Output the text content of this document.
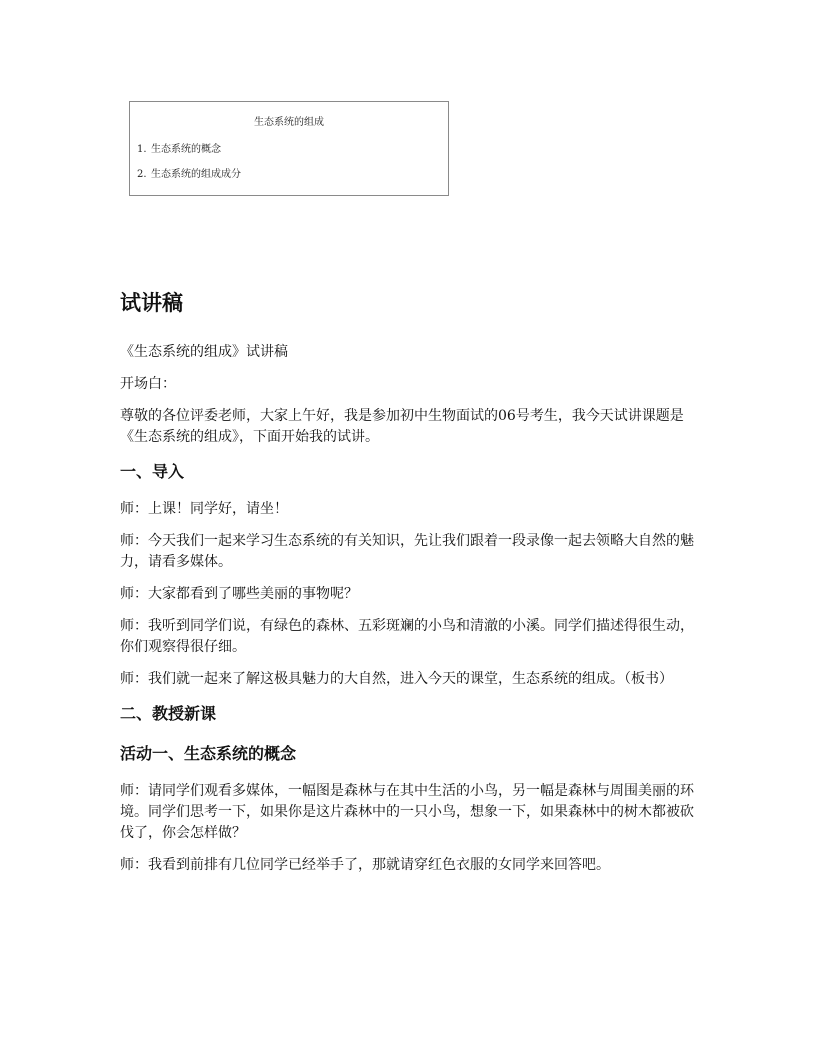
生态系统的组成
1. 生态系统的概念
2. 生态系统的组成成分
试讲稿

《生态系统的组成》试讲稿

开场白：

尊敬的各位评委老师，大家上午好，我是参加初中生物面试的06号考生，我今天试讲课题是《生态系统的组成》，下面开始我的试讲。

一、导入

师：上课！同学好，请坐！

师：今天我们一起来学习生态系统的有关知识，先让我们跟着一段录像一起去领略大自然的魅力，请看多媒体。

师：大家都看到了哪些美丽的事物呢？

师：我听到同学们说，有绿色的森林、五彩斑斓的小鸟和清澈的小溪。同学们描述得很生动，你们观察得很仔细。

师：我们就一起来了解这极具魅力的大自然，进入今天的课堂，生态系统的组成。（板书）

二、教授新课
活动一、生态系统的概念

师：请同学们观看多媒体，一幅图是森林与在其中生活的小鸟，另一幅是森林与周围美丽的环境。同学们思考一下，如果你是这片森林中的一只小鸟，想象一下，如果森林中的树木都被砍伐了，你会怎样做？

师：我看到前排有几位同学已经举手了，那就请穿红色衣服的女同学来回答吧。
